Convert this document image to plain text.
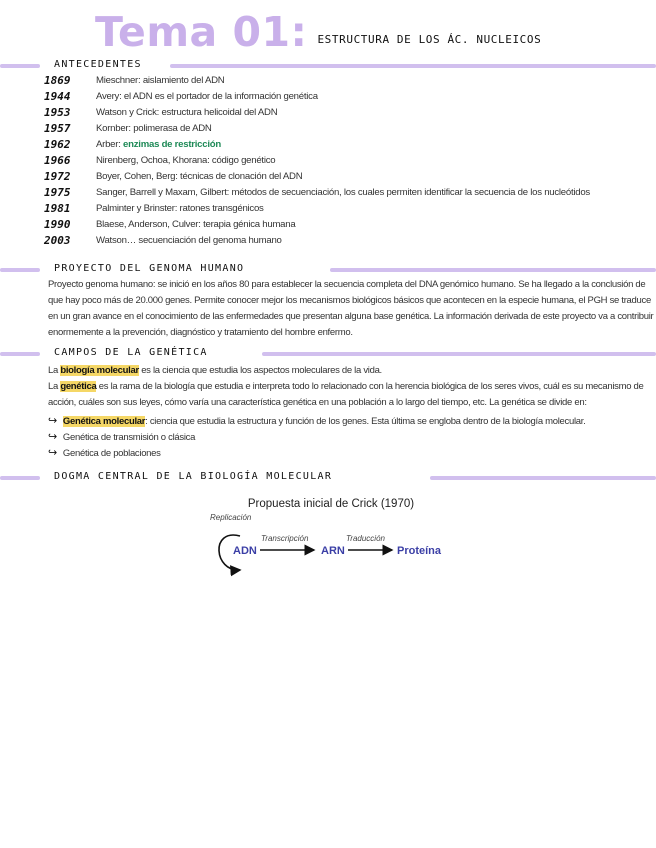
Tema 01: ESTRUCTURA DE LOS ÁC. NUCLEICOS
ANTECEDENTES
1869	Mieschner: aislamiento del ADN
1944	Avery: el ADN es el portador de la información genética
1953	Watson y Crick: estructura helicoidal del ADN
1957	Kornber: polimerasa de ADN
1962	Arber: enzimas de restricción
1966	Nirenberg, Ochoa, Khorana: código genético
1972	Boyer, Cohen, Berg: técnicas de clonación del ADN
1975	Sanger, Barrell y Maxam, Gilbert: métodos de secuenciación, los cuales permiten identificar la secuencia de los nucleótidos
1981	Palminter y Brinster: ratones transgénicos
1990	Blaese, Anderson, Culver: terapia génica humana
2003	Watson… secuenciación del genoma humano
PROYECTO DEL GENOMA HUMANO
Proyecto genoma humano: se inició en los años 80 para establecer la secuencia completa del DNA genómico humano. Se ha llegado a la conclusión de que hay poco más de 20.000 genes. Permite conocer mejor los mecanismos biológicos básicos que acontecen en la especie humana, el PGH se traduce en un gran avance en el conocimiento de las enfermedades que presentan alguna base genética. La información derivada de este proyecto va a contribuir enormemente a la prevención, diagnóstico y tratamiento del hombre enfermo.
CAMPOS DE LA GENÉTICA
La biología molecular es la ciencia que estudia los aspectos moleculares de la vida.
La genética es la rama de la biología que estudia e interpreta todo lo relacionado con la herencia biológica de los seres vivos, cuál es su mecanismo de acción, cuáles son sus leyes, cómo varía una característica genética en una población a lo largo del tiempo, etc. La genética se divide en:
↪ Genética molecular: ciencia que estudia la estructura y función de los genes. Esta última se engloba dentro de la biología molecular.
↪ Genética de transmisión o clásica
↪ Genética de poblaciones
DOGMA CENTRAL DE LA BIOLOGÍA MOLECULAR
Propuesta inicial de Crick (1970)
Replicación
ADN
Transcripción
ARN
Traducción
Proteína
